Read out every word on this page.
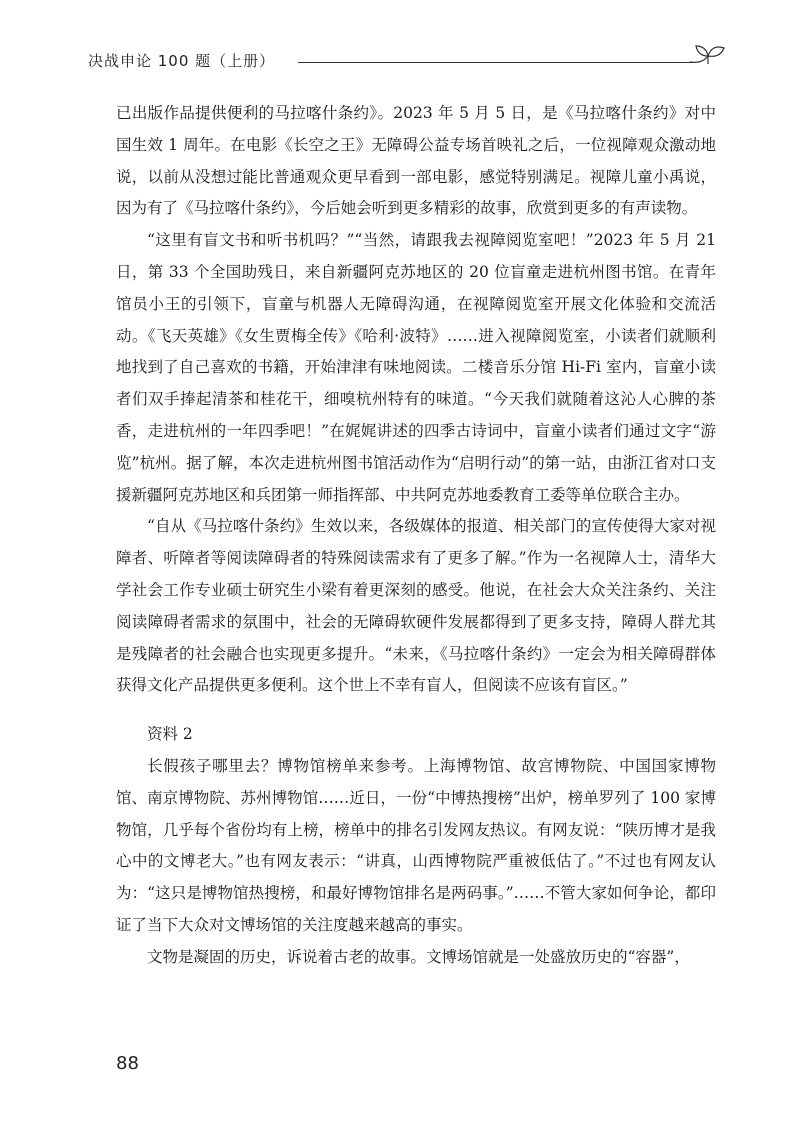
决战申论 100 题（上册）

已出版作品提供便利的马拉喀什条约》。2023 年 5 月 5 日，是《马拉喀什条约》对中国生效 1 周年。在电影《长空之王》无障碍公益专场首映礼之后，一位视障观众激动地说，以前从没想过能比普通观众更早看到一部电影，感觉特别满足。视障儿童小禹说，因为有了《马拉喀什条约》，今后她会听到更多精彩的故事，欣赏到更多的有声读物。

“这里有盲文书和听书机吗？”“当然，请跟我去视障阅览室吧！”2023 年 5 月 21 日，第 33 个全国助残日，来自新疆阿克苏地区的 20 位盲童走进杭州图书馆。在青年馆员小王的引领下，盲童与机器人无障碍沟通，在视障阅览室开展文化体验和交流活动。《飞天英雄》《女生贾梅全传》《哈利·波特》……进入视障阅览室，小读者们就顺利地找到了自己喜欢的书籍，开始津津有味地阅读。二楼音乐分馆 Hi-Fi 室内，盲童小读者们双手捧起清茶和桂花干，细嗅杭州特有的味道。“今天我们就随着这沁人心脾的茶香，走进杭州的一年四季吧！”在娓娓讲述的四季古诗词中，盲童小读者们通过文字“游览”杭州。据了解，本次走进杭州图书馆活动作为“启明行动”的第一站，由浙江省对口支援新疆阿克苏地区和兵团第一师指挥部、中共阿克苏地委教育工委等单位联合主办。

“自从《马拉喀什条约》生效以来，各级媒体的报道、相关部门的宣传使得大家对视障者、听障者等阅读障碍者的特殊阅读需求有了更多了解。”作为一名视障人士，清华大学社会工作专业硕士研究生小梁有着更深刻的感受。他说，在社会大众关注条约、关注阅读障碍者需求的氛围中，社会的无障碍软硬件发展都得到了更多支持，障碍人群尤其是残障者的社会融合也实现更多提升。“未来，《马拉喀什条约》一定会为相关障碍群体获得文化产品提供更多便利。这个世上不幸有盲人，但阅读不应该有盲区。”

资料 2

长假孩子哪里去？博物馆榜单来参考。上海博物馆、故宫博物院、中国国家博物馆、南京博物院、苏州博物馆……近日，一份“中博热搜榜”出炉，榜单罗列了 100 家博物馆，几乎每个省份均有上榜，榜单中的排名引发网友热议。有网友说：“陕历博才是我心中的文博老大。”也有网友表示：“讲真，山西博物院严重被低估了。”不过也有网友认为：“这只是博物馆热搜榜，和最好博物馆排名是两码事。”……不管大家如何争论，都印证了当下大众对文博场馆的关注度越来越高的事实。

文物是凝固的历史，诉说着古老的故事。文博场馆就是一处盛放历史的“容器”，

88
